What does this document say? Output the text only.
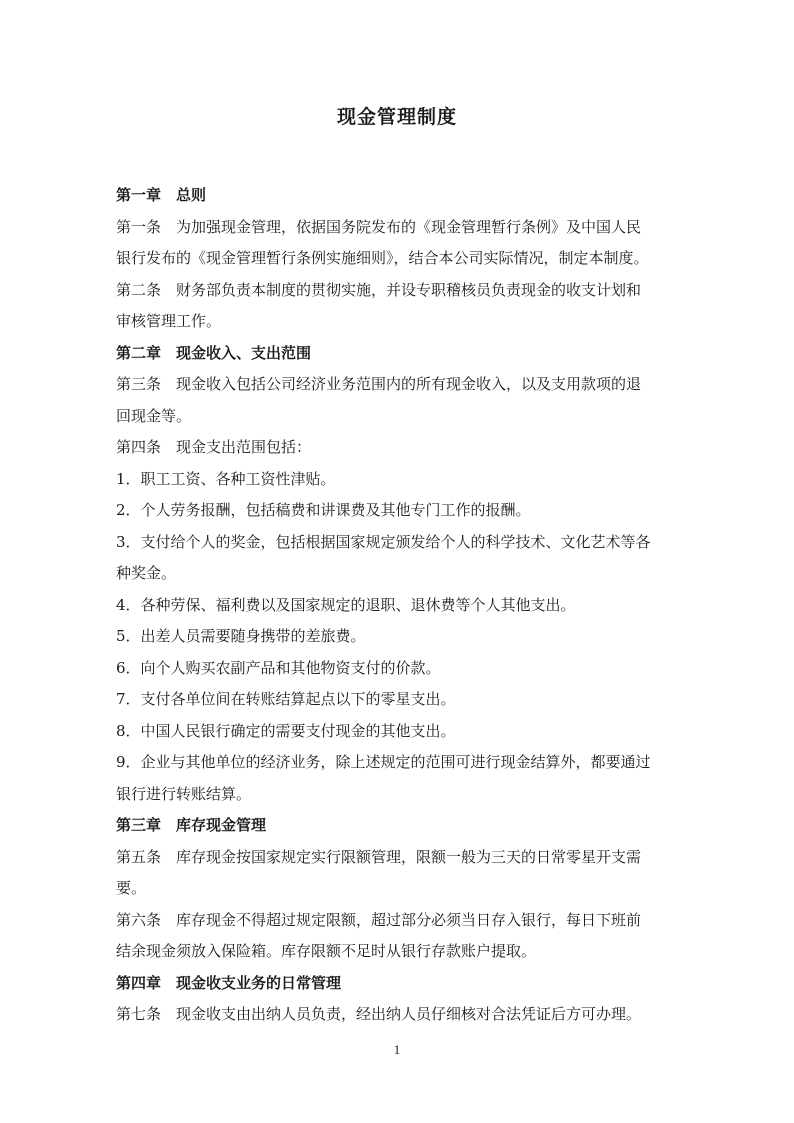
现金管理制度

第一章　总则

第一条　为加强现金管理，依据国务院发布的《现金管理暂行条例》及中国人民

银行发布的《现金管理暂行条例实施细则》，结合本公司实际情况，制定本制度。

第二条　财务部负责本制度的贯彻实施，并设专职稽核员负责现金的收支计划和

审核管理工作。

第二章　现金收入、支出范围

第三条　现金收入包括公司经济业务范围内的所有现金收入，以及支用款项的退

回现金等。

第四条　现金支出范围包括：

1．职工工资、各种工资性津贴。

2．个人劳务报酬，包括稿费和讲课费及其他专门工作的报酬。

3．支付给个人的奖金，包括根据国家规定颁发给个人的科学技术、文化艺术等各

种奖金。

4．各种劳保、福利费以及国家规定的退职、退休费等个人其他支出。

5．出差人员需要随身携带的差旅费。

6．向个人购买农副产品和其他物资支付的价款。

7．支付各单位间在转账结算起点以下的零星支出。

8．中国人民银行确定的需要支付现金的其他支出。

9．企业与其他单位的经济业务，除上述规定的范围可进行现金结算外，都要通过

银行进行转账结算。

第三章　库存现金管理

第五条　库存现金按国家规定实行限额管理，限额一般为三天的日常零星开支需

要。

第六条　库存现金不得超过规定限额，超过部分必须当日存入银行，每日下班前

结余现金须放入保险箱。库存限额不足时从银行存款账户提取。

第四章　现金收支业务的日常管理

第七条　现金收支由出纳人员负责，经出纳人员仔细核对合法凭证后方可办理。

1
